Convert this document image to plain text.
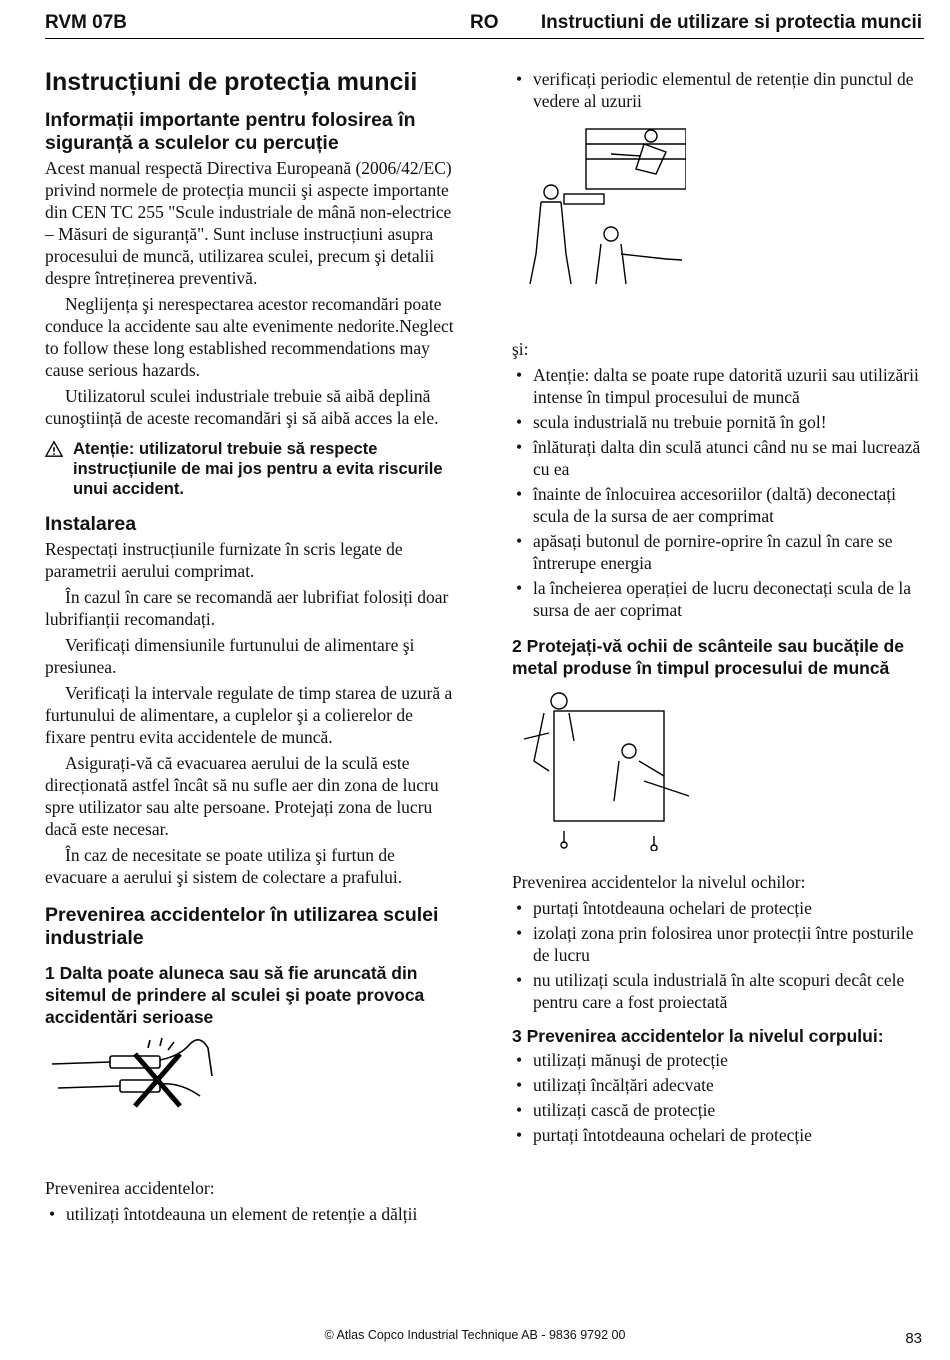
RVM 07B	RO Instructiuni de utilizare si protectia muncii
Instrucțiuni de protecția muncii
Informații importante pentru folosirea în siguranță a sculelor cu percuție

Acest manual respectă Directiva Europeană (2006/42/EC) privind normele de protecția muncii şi aspecte importante din CEN TC 255 "Scule industriale de mână non-electrice – Măsuri de siguranță". Sunt incluse instrucțiuni asupra procesului de muncă, utilizarea sculei, precum şi detalii despre întreținerea preventivă.

Neglijența şi nerespectarea acestor recomandări poate conduce la accidente sau alte evenimente nedorite.Neglect to follow these long established recommendations may cause serious hazards.

Utilizatorul sculei industriale trebuie să aibă deplină cunoştiință de aceste recomandări şi să aibă acces la ele.

Atenție: utilizatorul trebuie să respecte instrucțiunile de mai jos pentru a evita riscurile unui accident.
Instalarea

Respectați instrucțiunile furnizate în scris legate de parametrii aerului comprimat.

În cazul în care se recomandă aer lubrifiat folosiți doar lubrifianții recomandați.

Verificați dimensiunile furtunului de alimentare şi presiunea.

Verificați la intervale regulate de timp starea de uzură a furtunului de alimentare, a cuplelor şi a colierelor de fixare pentru evita accidentele de muncă.

Asigurați-vă că evacuarea aerului de la sculă este direcționată astfel încât să nu sufle aer din zona de lucru spre utilizator sau alte persoane. Protejați zona de lucru dacă este necesar.

În caz de necesitate se poate utiliza şi furtun de evacuare a aerului şi sistem de colectare a prafului.

Prevenirea accidentelor în utilizarea sculei industriale
1 Dalta poate aluneca sau să fie aruncată din sitemul de prindere al sculei şi poate provoca accidentări serioase

Prevenirea accidentelor:

• utilizați întotdeauna un element de retenție a dălții
• verificați periodic elementul de retenție din punctul de vedere al uzurii

şi:

• Atenție: dalta se poate rupe datorită uzurii sau utilizării intense în timpul procesului de muncă
• scula industrială nu trebuie pornită în gol!
• înlăturați dalta din sculă atunci când nu se mai lucrează cu ea
• înainte de înlocuirea accesoriilor (daltă) deconectați scula de la sursa de aer comprimat
• apăsați butonul de pornire-oprire în cazul în care se întrerupe energia
• la încheierea operației de lucru deconectați scula de la sursa de aer coprimat
2 Protejați-vă ochii de scânteile sau bucățile de metal produse în timpul procesului de muncă

Prevenirea accidentelor la nivelul ochilor:

• purtați întotdeauna ochelari de protecție
• izolați zona prin folosirea unor protecții între posturile de lucru
• nu utilizați scula industrială în alte scopuri decât cele pentru care a fost proiectată
3 Prevenirea accidentelor la nivelul corpului:
• utilizați mănuşi de protecție
• utilizați încălțări adecvate
• utilizați cască de protecție
• purtați întotdeauna ochelari de protecție
© Atlas Copco Industrial Technique AB - 9836 9792 00	83
